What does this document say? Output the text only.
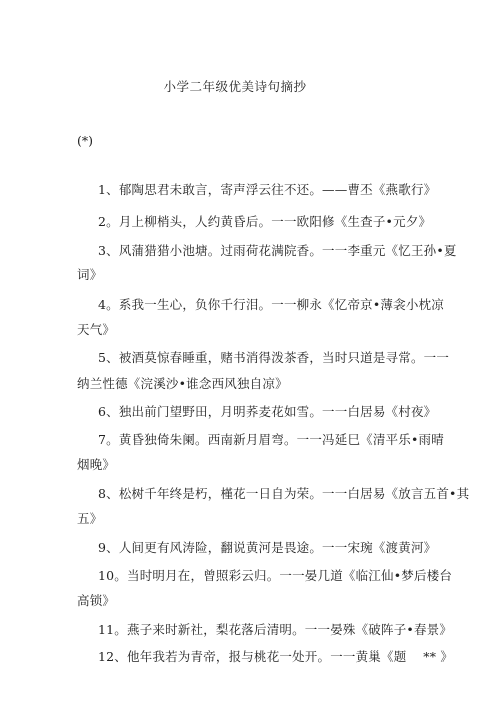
小学二年级优美诗句摘抄
(*)
1、郁陶思君未敢言，寄声浮云往不还。——曹丕《燕歌行》
2。月上柳梢头，人约黄昏后。一一欧阳修《生查子•元夕》
3、风蒲猎猎小池塘。过雨荷花满院香。一一李重元《忆王孙•夏
词》
4。系我一生心，负你千行泪。一一柳永《忆帝京•薄衾小枕凉
天气》
5、被酒莫惊春睡重，赌书消得泼茶香，当时只道是寻常。一一
纳兰性德《浣溪沙•谁念西风独自凉》
6、独出前门望野田，月明荞麦花如雪。一一白居易《村夜》
7。黄昏独倚朱阑。西南新月眉弯。一一冯延巳《清平乐•雨晴
烟晚》
8、松树千年终是朽，槿花一日自为荣。一一白居易《放言五首•其
五》
9、人间更有风涛险，翻说黄河是畏途。一一宋琬《渡黄河》
10。当时明月在，曾照彩云归。一一晏几道《临江仙•梦后楼台
高锁》
11。燕子来时新社，梨花落后清明。一一晏殊《破阵子•春景》
12、他年我若为青帝，报与桃花一处开。一一黄巢《题　 ** 》
